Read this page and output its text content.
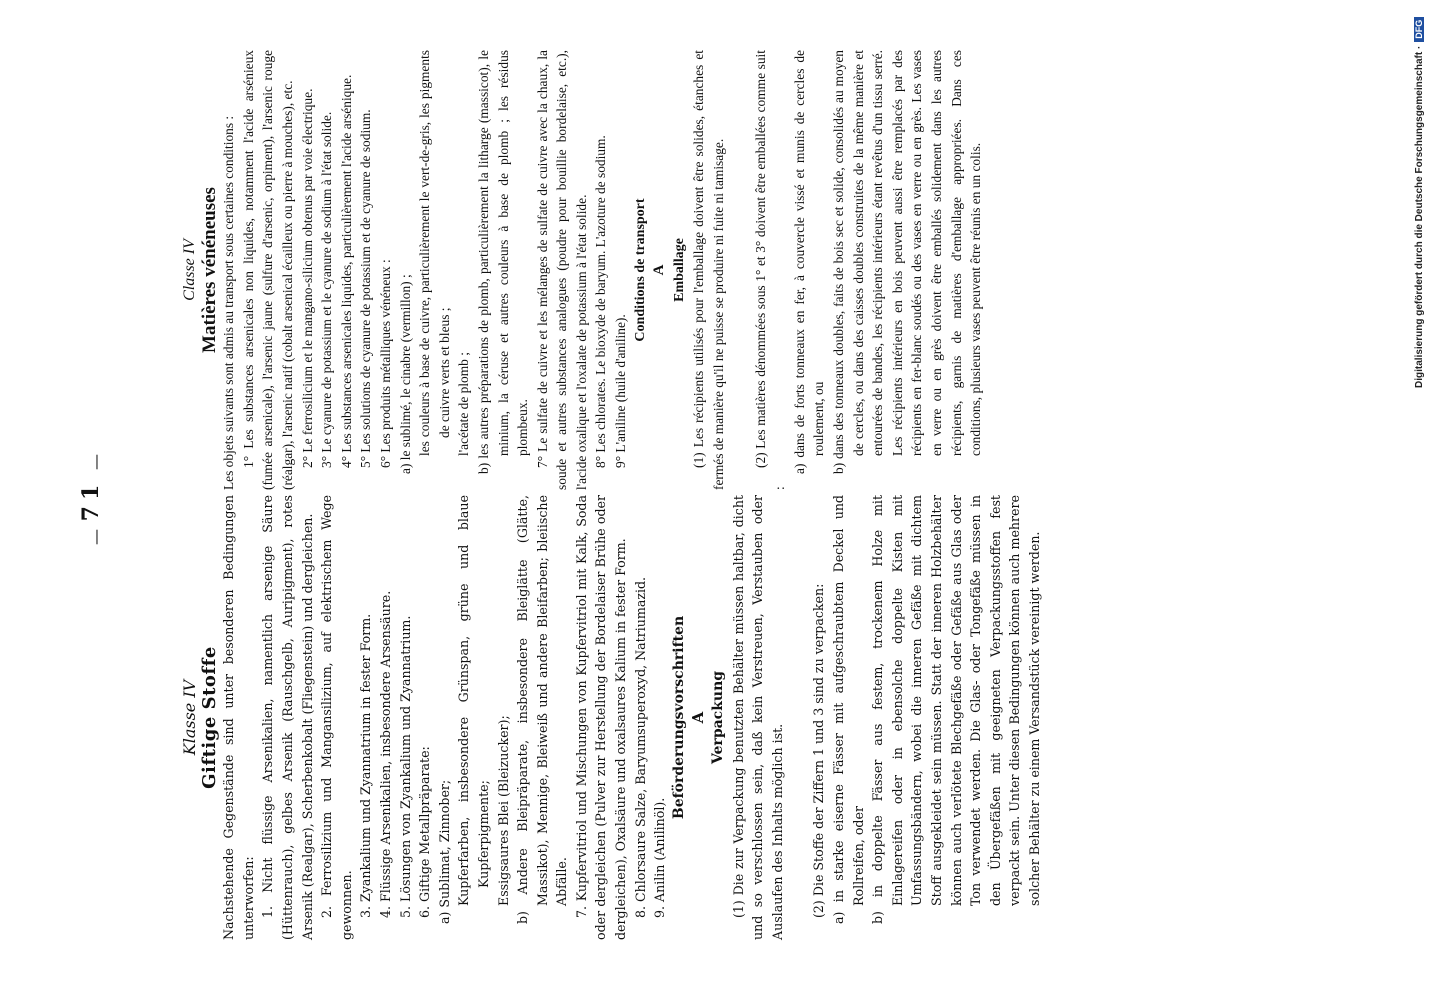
—
71
—

Klasse IV Giftige Stoffe Nachstehende Gegenstände sind unter besonderen Bedingungen unterworfen: 1. Nicht flüssige Arsenikalien, namentlich arsenige Säure (Hüttenrauch), gelbes Arsenik (Rauschgelb, Auripigment), rotes Arsenik (Realgar), Scherbenkobalt (Fliegenstein) und dergleichen. 2. Ferrosilizium und Mangansilizium, auf elektrischem Wege gewonnen. 3. Zyankalium und Zyannatrium in fester Form. 4. Flüssige Arsenikalien, insbesondere Arsensäure. 5. Lösungen von Zyankalium und Zyannatrium. 6. Giftige Metallpräparate: a) Sublimat, Zinnober; Kupferfarben, insbesondere Grünspan, grüne und blaue Kupferpigmente; Essigsaures Blei (Bleizucker); b) Andere Bleipräparate, insbesondere Bleiglätte (Glätte, Massikot), Mennige, Bleiweiß und andere Bleifarben; bleiische Abfälle. 7. Kupfervitriol und Mischungen von Kupfervitriol mit Kalk, Soda oder dergleichen (Pulver zur Herstellung der Bordelaiser Brühe oder dergleichen), Oxalsäure und oxalsaures Kalium in fester Form. 8. Chlorsaure Salze, Baryumsuperoxyd, Natriumazid. 9. Anilin (Anilinöl).

Beförderungsvorschriften A Verpackung (1) Die zur Verpackung benutzten Behälter müssen haltbar, dicht und so verschlossen sein, daß kein Verstreuen, Verstauben oder Auslaufen des Inhalts möglich ist. (2) Die Stoffe der Ziffern 1 und 3 sind zu verpacken: a) in starke eiserne Fässer mit aufgeschraubtem Deckel und Rollreifen, oder b) in doppelte Fässer aus festem, trockenem Holze mit Einlagereifen oder in ebensolche doppelte Kisten mit Umfassungsbändern, wobei die inneren Gefäße mit dichtem Stoff ausgekleidet sein müssen. Statt der inneren Holzbehälter können auch verlötete Blechgefäße oder Gefäße aus Glas oder Ton verwendet werden. Die Glas- oder Tongefäße müssen in den Übergefäßen mit geeigneten Verpackungsstoffen fest verpackt sein. Unter diesen Bedingungen können auch mehrere solcher Behälter zu einem Versandstück vereinigt werden.

Classe IV Matières vénéneuses Les objets suivants sont admis au transport sous certaines conditions : 1° Les substances arsenicales non liquides, notamment l'acide arsénieux (fumée arsenicale), l'arsenic jaune (sulfure d'arsenic, orpiment), l'arsenic rouge (réalgar), l'arsenic natif (cobalt arsenical écailleux ou pierre à mouches), etc. 2° Le ferrosilicium et le mangano-silicium obtenus par voie électrique. 3° Le cyanure de potassium et le cyanure de sodium à l'état solide. 4° Les substances arsenicales liquides, particulièrement l'acide arsénique. 5° Les solutions de cyanure de potassium et de cyanure de sodium. 6° Les produits métalliques vénéneux : a) le sublimé, le cinabre (vermillon) ; les couleurs à base de cuivre, particulièrement le vert-de-gris, les pigments de cuivre verts et bleus ; l'acétate de plomb ; b) les autres préparations de plomb, particulièrement la litharge (massicot), le minium, la céruse et autres couleurs à base de plomb ; les résidus plombeux. 7° Le sulfate de cuivre et les mélanges de sulfate de cuivre avec la chaux, la soude et autres substances analogues (poudre pour bouillie bordelaise, etc.), l'acide oxalique et l'oxalate de potassium à l'état solide. 8° Les chlorates. Le bioxyde de baryum. L'azoture de sodium. 9° L'aniline (huile d'aniline).

Conditions de transport A Emballage (1) Les récipients utilisés pour l'emballage doivent être solides, étanches et fermés de manière qu'il ne puisse se produire ni fuite ni tamisage. (2) Les matières dénommées sous 1° et 3° doivent être emballées comme suit :

a) dans de forts tonneaux en fer, à couvercle vissé et munis de cercles de roulement, ou b) dans des tonneaux doubles, faits de bois sec et solide, consolidés au moyen de cercles, ou dans des caisses doubles construites de la même manière et entourées de bandes, les récipients intérieurs étant revêtus d'un tissu serré. Les récipients intérieurs en bois peuvent aussi être remplacés par des récipients en fer-blanc soudés ou des vases en verre ou en grès. Les vases en verre ou en grès doivent être emballés solidement dans les autres récipients, garnis de matières d'emballage appropriées. Dans ces conditions, plusieurs vases peuvent être réunis en un colis.	Digitalisierung gefördert durch die Deutsche Forschungsgemeinschaft ·DFG
